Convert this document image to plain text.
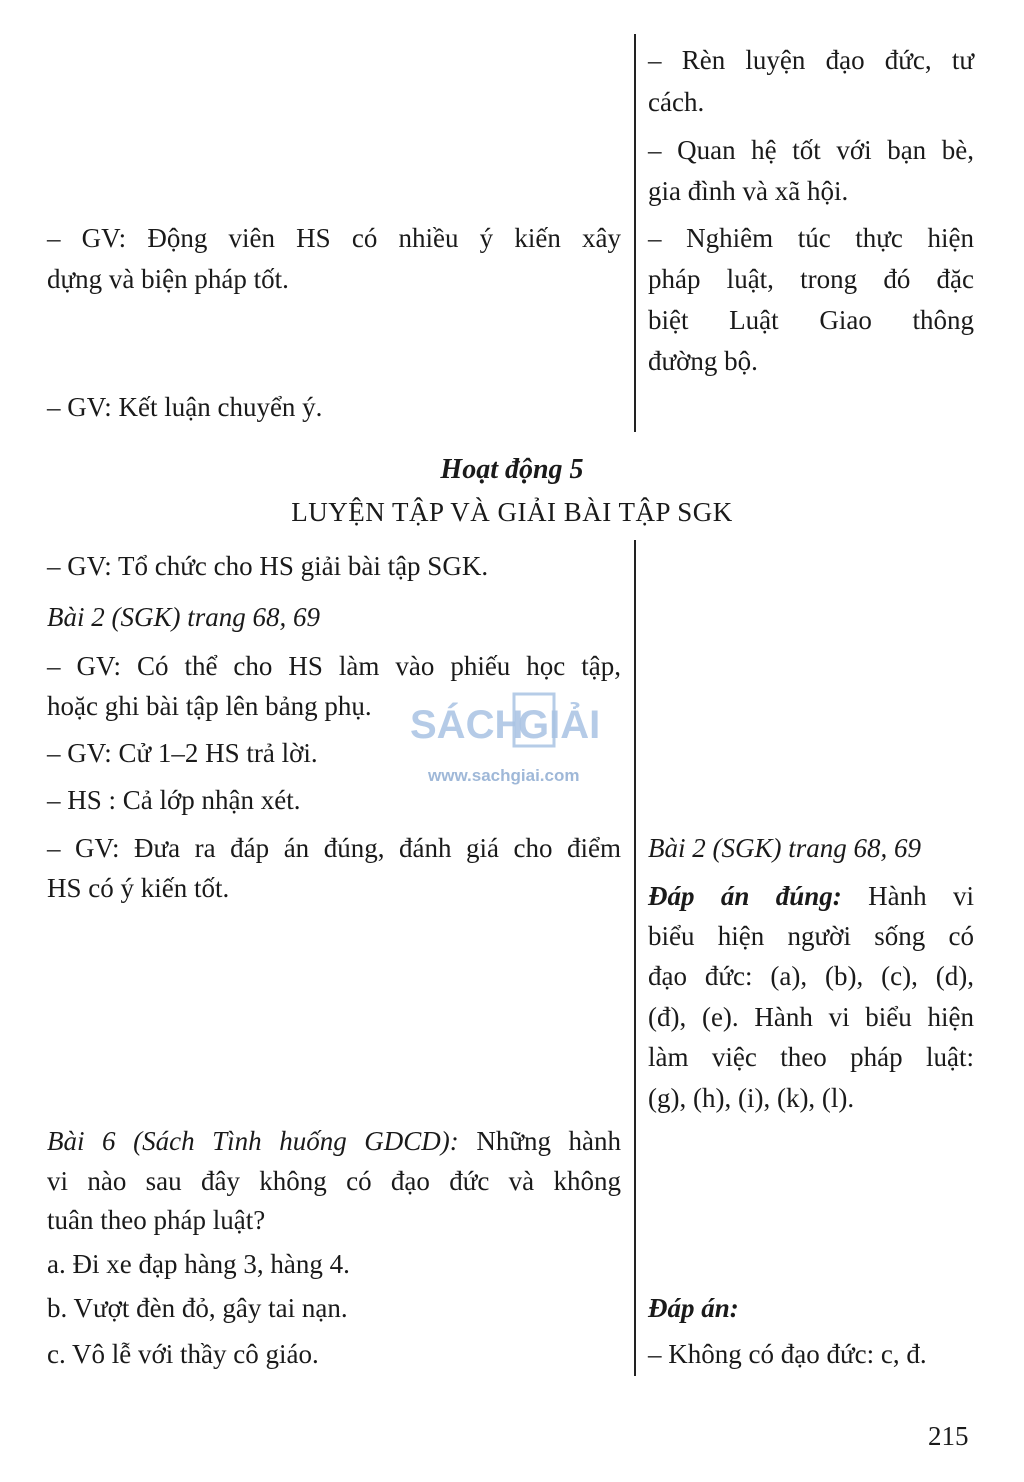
– Rèn luyện đạo đức, tư

cách.

– Quan hệ tốt với bạn bè,

gia đình và xã hội.

– Nghiêm túc thực hiện

pháp luật, trong đó đặc

biệt Luật Giao thông

đường bộ.

– GV: Động viên HS có nhiều ý kiến xây

dựng và biện pháp tốt.

– GV: Kết luận chuyển ý.

Hoạt động 5

LUYỆN TẬP VÀ GIẢI BÀI TẬP SGK

– GV: Tổ chức cho HS giải bài tập SGK.

Bài 2 (SGK) trang 68, 69

– GV: Có thể cho HS làm vào phiếu học tập,

hoặc ghi bài tập lên bảng phụ.

– GV: Cử 1–2 HS trả lời.

– HS : Cả lớp nhận xét.

– GV: Đưa ra đáp án đúng, đánh giá cho điểm

HS có ý kiến tốt.

Bài 6 (Sách Tình huống GDCD): Những hành

vi nào sau đây không có đạo đức và không

tuân theo pháp luật?

a. Đi xe đạp hàng 3, hàng 4.

b. Vượt đèn đỏ, gây tai nạn.

c. Vô lễ với thầy cô giáo.

Bài 2 (SGK) trang 68, 69

Đáp án đúng: Hành vi

biểu hiện người sống có

đạo đức: (a), (b), (c), (d),

(đ), (e). Hành vi biểu hiện

làm việc theo pháp luật:

(g), (h), (i), (k), (l).

Đáp án:

– Không có đạo đức: c, đ.

SÁCH
GIẢI
www.sachgiai.com

215
